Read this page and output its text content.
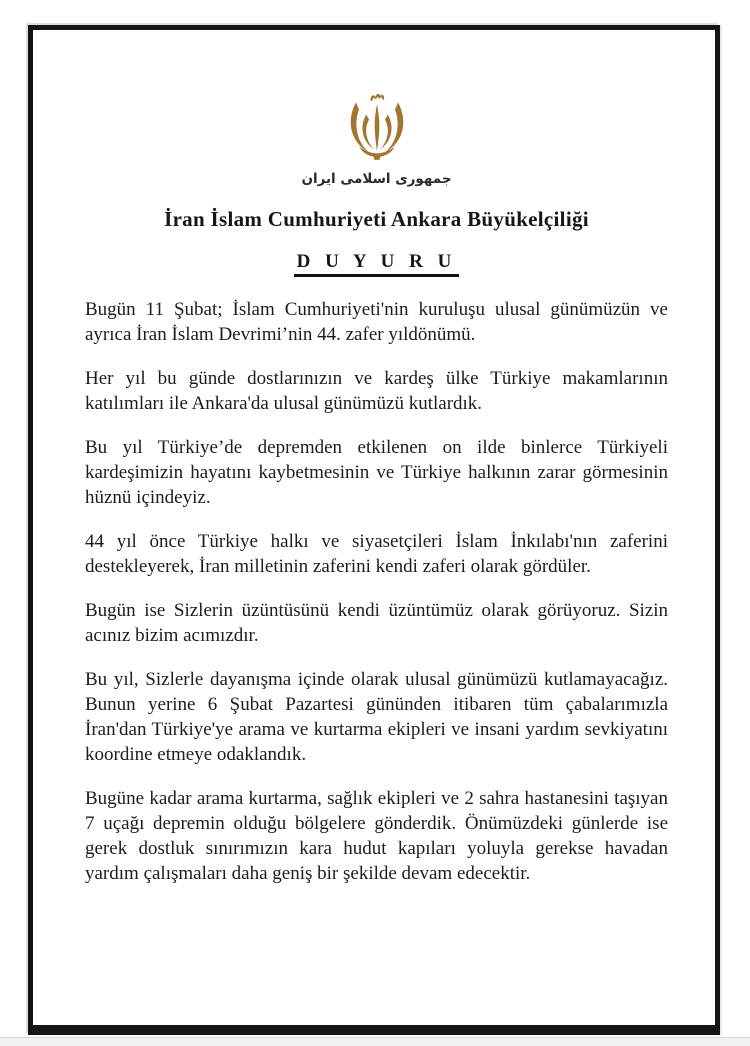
جمهوری اسلامی ایران
İran İslam Cumhuriyeti Ankara Büyükelçiliği
D U Y U R U

Bugün 11 Şubat; İslam Cumhuriyeti'nin kuruluşu ulusal günümüzün ve ayrıca İran İslam Devrimi’nin 44. zafer yıldönümü.

Her yıl bu günde dostlarınızın ve kardeş ülke Türkiye makamlarının katılımları ile Ankara'da ulusal günümüzü kutlardık.

Bu yıl Türkiye’de depremden etkilenen on ilde binlerce Türkiyeli kardeşimizin hayatını kaybetmesinin ve Türkiye halkının zarar görmesinin hüznü içindeyiz.

44 yıl önce Türkiye halkı ve siyasetçileri İslam İnkılabı'nın zaferini destekleyerek, İran milletinin zaferini kendi zaferi olarak gördüler.

Bugün ise Sizlerin üzüntüsünü kendi üzüntümüz olarak görüyoruz. Sizin acınız bizim acımızdır.

Bu yıl, Sizlerle dayanışma içinde olarak ulusal günümüzü kutlamayacağız. Bunun yerine 6 Şubat Pazartesi gününden itibaren tüm çabalarımızla İran'dan Türkiye'ye arama ve kurtarma ekipleri ve insani yardım sevkiyatını koordine etmeye odaklandık.

Bugüne kadar arama kurtarma, sağlık ekipleri ve 2 sahra hastanesini taşıyan 7 uçağı depremin olduğu bölgelere gönderdik. Önümüzdeki günlerde ise gerek dostluk sınırımızın kara hudut kapıları yoluyla gerekse havadan yardım çalışmaları daha geniş bir şekilde devam edecektir.
